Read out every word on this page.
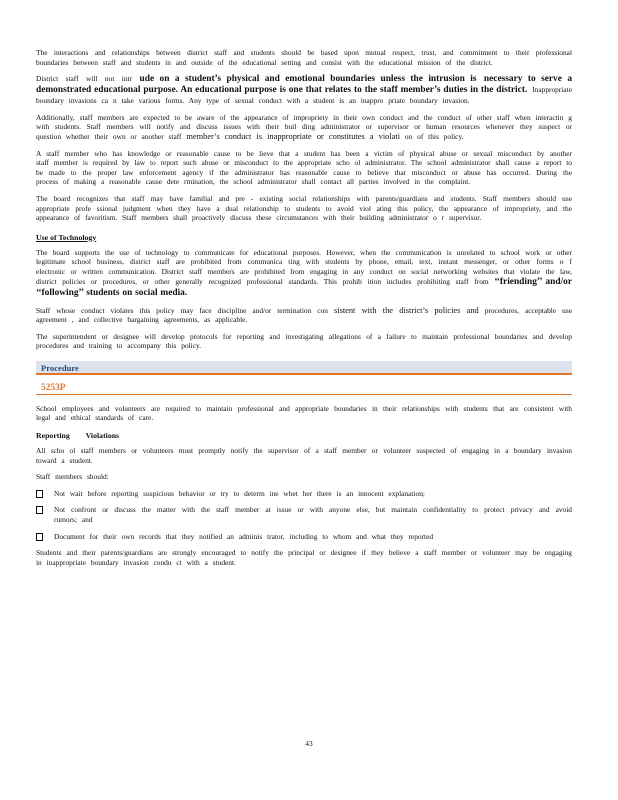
The interactions and relationships between district staff and students should be based upon mutual respect, trust, and commitment to their professional boundaries between staff and students in and outside of the educational setting and consist with the educational mission of the district.

District staff will not intr ude on a student’s physical and emotional boundaries unless the intrusion is necessary to serve a demonstrated educational purpose. An educational purpose is one that relates to the staff member’s duties in the district. Inappropriate boundary invasions ca n take various forms. Any type of sexual conduct with a student is an inappro priate boundary invasion.

Additionally, staff members are expected to be aware of the appearance of impropriety in their own conduct and the conduct of other staff when interactin g with students. Staff members will notify and discuss issues with their buil ding administrator or supervisor or human resources whenever they suspect or question whether their own or another staff member’s conduct is inappropriate or constitutes a violati on of this policy.

A staff member who has knowledge or reasonable cause to be lieve that a student has been a victim of physical abuse or sexual misconduct by another staff member is required by law to report such abuse or misconduct to the appropriate scho ol administrator. The school administrator shall cause a report to be made to the proper law enforcement agency if the administrator has reasonable cause to believe that misconduct or abuse has occurred. During the process of making a reasonable cause dete rmination, the school administrator shall contact all parties involved in the complaint.

The board recognizes that staff may have familial and pre - existing social relationships with parents/guardians and students. Staff members should use appropriate profe ssional judgment when they have a dual relationship to students to avoid viol ating this policy, the appearance of impropriety, and the appearance of favoritism. Staff members shall proactively discuss these circumstances with their building administrator o r supervisor.

Use of Technology

The board supports the use of technology to communicate for educational purposes. However, when the communication is unrelated to school work or other legitimate school business, district staff are prohibited from communica ting with students by phone, email, text, instant messenger, or other forms o f electronic or written communication. District staff members are prohibited from engaging in any conduct on social networking websites that violate the law, district policies or procedures, or other generally recognized professional standards. This prohib ition includes prohibiting staff from ‘‘friending’’ and/or ‘‘following’’ students on social media.

Staff whose conduct violates this policy may face discipline and/or termination con sistent with the district’s policies and procedures, acceptable use agreement , and collective bargaining agreements, as applicable.

The superintendent or designee will develop protocols for reporting and investigating allegations of a failure to maintain professional boundaries and develop procedures and training to accompany this policy.

Procedure
5253P

School employees and volunteers are required to maintain professional and appropriate boundaries in their relationships with students that are consistent with legal and ethical standards of care.

Reporting Violations

All scho ol staff members or volunteers must promptly notify the supervisor of a staff member or volunteer suspected of engaging in a boundary invasion toward a student.

Staff members should:

Not wait before reporting suspicious behavior or try to determ ine whet her there is an innocent explanation;
Not confront or discuss the matter with the staff member at issue or with anyone else, but maintain confidentiality to protect privacy and avoid rumors; and
Document for their own records that they notified an adminis trator, including to whom and what they reported

Students and their parents/guardians are strongly encouraged to notify the principal or designee if they believe a staff member or volunteer may be engaging in inappropriate boundary invasion condu ct with a student.

43
